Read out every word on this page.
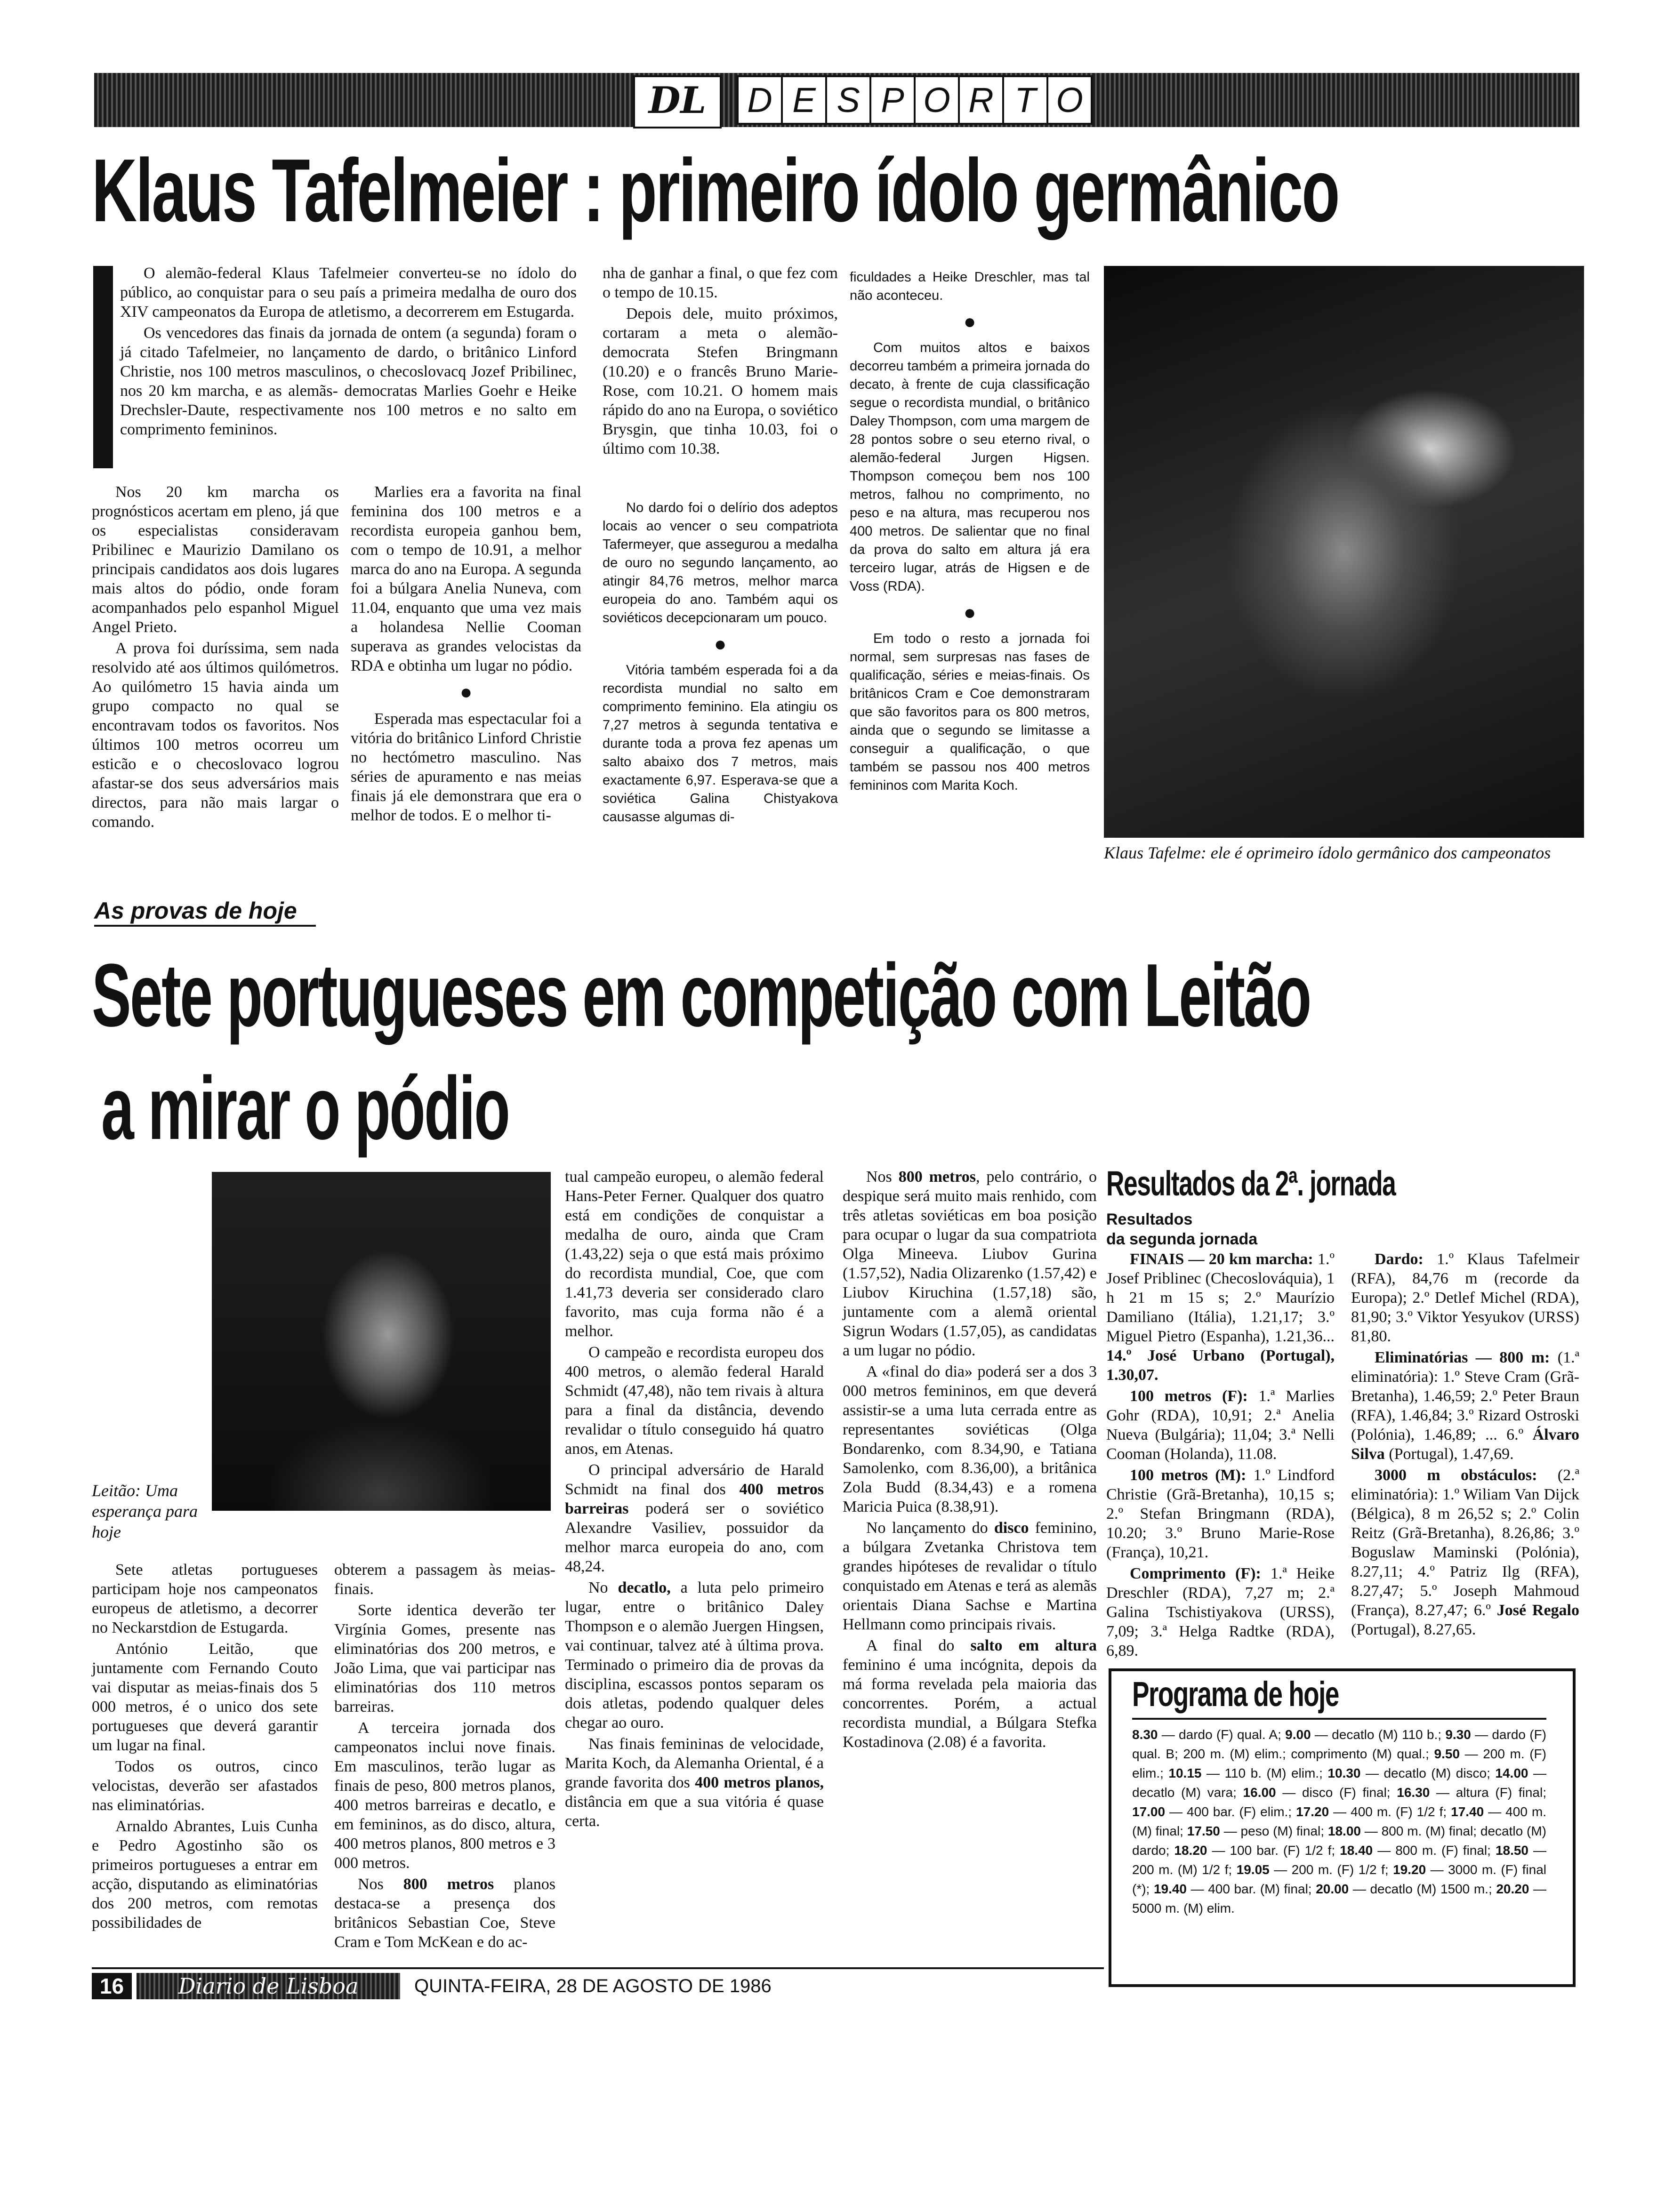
DL	D E S P O R T O
Klaus Tafelmeier : primeiro ídolo germânico
I	O alemão-federal Klaus Tafelmeier converteu-se no ídolo do público, ao conquistar para o seu país a primeira medalha de ouro dos XIV campeonatos da Europa de atletismo, a decorrerem em Estugarda.

Os vencedores das finais da jornada de ontem (a segunda) foram o já citado Tafelmeier, no lançamento de dardo, o britânico Linford Christie, nos 100 metros masculinos, o checoslovacq Jozef Pribilinec, nos 20 km marcha, e as alemãs- democratas Marlies Goehr e Heike Drechsler-Daute, respectivamente nos 100 metros e no salto em comprimento femininos.

Nos 20 km marcha os prognósticos acertam em pleno, já que os especialistas consideravam Pribilinec e Maurizio Damilano os principais candidatos aos dois lugares mais altos do pódio, onde foram acompanhados pelo espanhol Miguel Angel Prieto.

A prova foi duríssima, sem nada resolvido até aos últimos quilómetros. Ao quilómetro 15 havia ainda um grupo compacto no qual se encontravam todos os favoritos. Nos últimos 100 metros ocorreu um esticão e o checoslovaco logrou afastar-se dos seus adversários mais directos, para não mais largar o comando.

Marlies era a favorita na final feminina dos 100 metros e a recordista europeia ganhou bem, com o tempo de 10.91, a melhor marca do ano na Europa. A segunda foi a búlgara Anelia Nuneva, com 11.04, enquanto que uma vez mais a holandesa Nellie Cooman superava as grandes velocistas da RDA e obtinha um lugar no pódio.

●

Esperada mas espectacular foi a vitória do britânico Linford Christie no hectómetro masculino. Nas séries de apuramento e nas meias finais já ele demonstrara que era o melhor de todos. E o melhor ti-

nha de ganhar a final, o que fez com o tempo de 10.15.

Depois dele, muito próximos, cortaram a meta o alemão-democrata Stefen Bringmann (10.20) e o francês Bruno Marie-Rose, com 10.21. O homem mais rápido do ano na Europa, o soviético Brysgin, que tinha 10.03, foi o último com 10.38.

No dardo foi o delírio dos adeptos locais ao vencer o seu compatriota Tafermeyer, que assegurou a medalha de ouro no segundo lançamento, ao atingir 84,76 metros, melhor marca europeia do ano. Também aqui os soviéticos decepcionaram um pouco.

●

Vitória também esperada foi a da recordista mundial no salto em comprimento feminino. Ela atingiu os 7,27 metros à segunda tentativa e durante toda a prova fez apenas um salto abaixo dos 7 metros, mais exactamente 6,97. Esperava-se que a soviética Galina Chistyakova causasse algumas di-

ficuldades a Heike Dreschler, mas tal não aconteceu.

●

Com muitos altos e baixos decorreu também a primeira jornada do decato, à frente de cuja classificação segue o recordista mundial, o britânico Daley Thompson, com uma margem de 28 pontos sobre o seu eterno rival, o alemão-federal Jurgen Higsen. Thompson começou bem nos 100 metros, falhou no comprimento, no peso e na altura, mas recuperou nos 400 metros. De salientar que no final da prova do salto em altura já era terceiro lugar, atrás de Higsen e de Voss (RDA).

●

Em todo o resto a jornada foi normal, sem surpresas nas fases de qualificação, séries e meias-finais. Os britânicos Cram e Coe demonstraram que são favoritos para os 800 metros, ainda que o segundo se limitasse a conseguir a qualificação, o que também se passou nos 400 metros femininos com Marita Koch.

Klaus Tafelme: ele é oprimeiro ídolo germânico dos campeonatos
As provas de hoje
Sete portugueses em competição com Leitão
a mirar o pódio
Leitão: Uma esperança para hoje

Sete atletas portugueses participam hoje nos campeonatos europeus de atletismo, a decorrer no Neckarstdion de Estugarda.

António Leitão, que juntamente com Fernando Couto vai disputar as meias-finais dos 5 000 metros, é o unico dos sete portugueses que deverá garantir um lugar na final.

Todos os outros, cinco velocistas, deverão ser afastados nas eliminatórias.

Arnaldo Abrantes, Luis Cunha e Pedro Agostinho são os primeiros portugueses a entrar em acção, disputando as eliminatórias dos 200 metros, com remotas possibilidades de

obterem a passagem às meias-finais.

Sorte identica deverão ter Virgínia Gomes, presente nas eliminatórias dos 200 metros, e João Lima, que vai participar nas eliminatórias dos 110 metros barreiras.

A terceira jornada dos campeonatos inclui nove finais. Em masculinos, terão lugar as finais de peso, 800 metros planos, 400 metros barreiras e decatlo, e em femininos, as do disco, altura, 400 metros planos, 800 metros e 3 000 metros.

Nos 800 metros planos destaca-se a presença dos britânicos Sebastian Coe, Steve Cram e Tom McKean e do ac-

tual campeão europeu, o alemão federal Hans-Peter Ferner. Qualquer dos quatro está em condições de conquistar a medalha de ouro, ainda que Cram (1.43,22) seja o que está mais próximo do recordista mundial, Coe, que com 1.41,73 deveria ser considerado claro favorito, mas cuja forma não é a melhor.

O campeão e recordista europeu dos 400 metros, o alemão federal Harald Schmidt (47,48), não tem rivais à altura para a final da distância, devendo revalidar o título conseguido há quatro anos, em Atenas.

O principal adversário de Harald Schmidt na final dos 400 metros barreiras poderá ser o soviético Alexandre Vasiliev, possuidor da melhor marca europeia do ano, com 48,24.

No decatlo, a luta pelo primeiro lugar, entre o britânico Daley Thompson e o alemão Juergen Hingsen, vai continuar, talvez até à última prova. Terminado o primeiro dia de provas da disciplina, escassos pontos separam os dois atletas, podendo qualquer deles chegar ao ouro.

Nas finais femininas de velocidade, Marita Koch, da Alemanha Oriental, é a grande favorita dos 400 metros planos, distância em que a sua vitória é quase certa.

Nos 800 metros, pelo contrário, o despique será muito mais renhido, com três atletas soviéticas em boa posição para ocupar o lugar da sua compatriota Olga Mineeva. Liubov Gurina (1.57,52), Nadia Olizarenko (1.57,42) e Liubov Kiruchina (1.57,18) são, juntamente com a alemã oriental Sigrun Wodars (1.57,05), as candidatas a um lugar no pódio.

A «final do dia» poderá ser a dos 3 000 metros femininos, em que deverá assistir-se a uma luta cerrada entre as representantes soviéticas (Olga Bondarenko, com 8.34,90, e Tatiana Samolenko, com 8.36,00), a britânica Zola Budd (8.34,43) e a romena Maricia Puica (8.38,91).

No lançamento do disco feminino, a búlgara Zvetanka Christova tem grandes hipóteses de revalidar o título conquistado em Atenas e terá as alemãs orientais Diana Sachse e Martina Hellmann como principais rivais.

A final do salto em altura feminino é uma incógnita, depois da má forma revelada pela maioria das concorrentes. Porém, a actual recordista mundial, a Búlgara Stefka Kostadinova (2.08) é a favorita.

Resultados da 2ª. jornada
Resultados
da segunda jornada

FINAIS — 20 km marcha: 1.º Josef Priblinec (Checoslováquia), 1 h 21 m 15 s; 2.º Maurízio Damiliano (Itália), 1.21,17; 3.º Miguel Pietro (Espanha), 1.21,36... 14.º José Urbano (Portugal), 1.30,07.

100 metros (F): 1.ª Marlies Gohr (RDA), 10,91; 2.ª Anelia Nueva (Bulgária); 11,04; 3.ª Nelli Cooman (Holanda), 11.08.

100 metros (M): 1.º Lindford Christie (Grã-Bretanha), 10,15 s; 2.º Stefan Bringmann (RDA), 10.20; 3.º Bruno Marie-Rose (França), 10,21.

Comprimento (F): 1.ª Heike Dreschler (RDA), 7,27 m; 2.ª Galina Tschistiyakova (URSS), 7,09; 3.ª Helga Radtke (RDA), 6,89.

Dardo: 1.º Klaus Tafelmeir (RFA), 84,76 m (recorde da Europa); 2.º Detlef Michel (RDA), 81,90; 3.º Viktor Yesyukov (URSS) 81,80.

Eliminatórias — 800 m: (1.ª eliminatória): 1.º Steve Cram (Grã-Bretanha), 1.46,59; 2.º Peter Braun (RFA), 1.46,84; 3.º Rizard Ostroski (Polónia), 1.46,89; ... 6.º Álvaro Silva (Portugal), 1.47,69.

3000 m obstáculos: (2.ª eliminatória): 1.º Wiliam Van Dijck (Bélgica), 8 m 26,52 s; 2.º Colin Reitz (Grã-Bretanha), 8.26,86; 3.º Boguslaw Maminski (Polónia), 8.27,11; 4.º Patriz Ilg (RFA), 8.27,47; 5.º Joseph Mahmoud (França), 8.27,47; 6.º José Regalo (Portugal), 8.27,65.

Programa de hoje
8.30 — dardo (F) qual. A; 9.00 — decatlo (M) 110 b.; 9.30 — dardo (F) qual. B; 200 m. (M) elim.; comprimento (M) qual.; 9.50 — 200 m. (F) elim.; 10.15 — 110 b. (M) elim.; 10.30 — decatlo (M) disco; 14.00 — decatlo (M) vara; 16.00 — disco (F) final; 16.30 — altura (F) final; 17.00 — 400 bar. (F) elim.; 17.20 — 400 m. (F) 1/2 f; 17.40 — 400 m. (M) final; 17.50 — peso (M) final; 18.00 — 800 m. (M) final; decatlo (M) dardo; 18.20 — 100 bar. (F) 1/2 f; 18.40 — 800 m. (F) final; 18.50 — 200 m. (M) 1/2 f; 19.05 — 200 m. (F) 1/2 f; 19.20 — 3000 m. (F) final (*); 19.40 — 400 bar. (M) final; 20.00 — decatlo (M) 1500 m.; 20.20 — 5000 m. (M) elim.
16	Diario de Lisboa	QUINTA-FEIRA, 28 DE AGOSTO DE 1986
